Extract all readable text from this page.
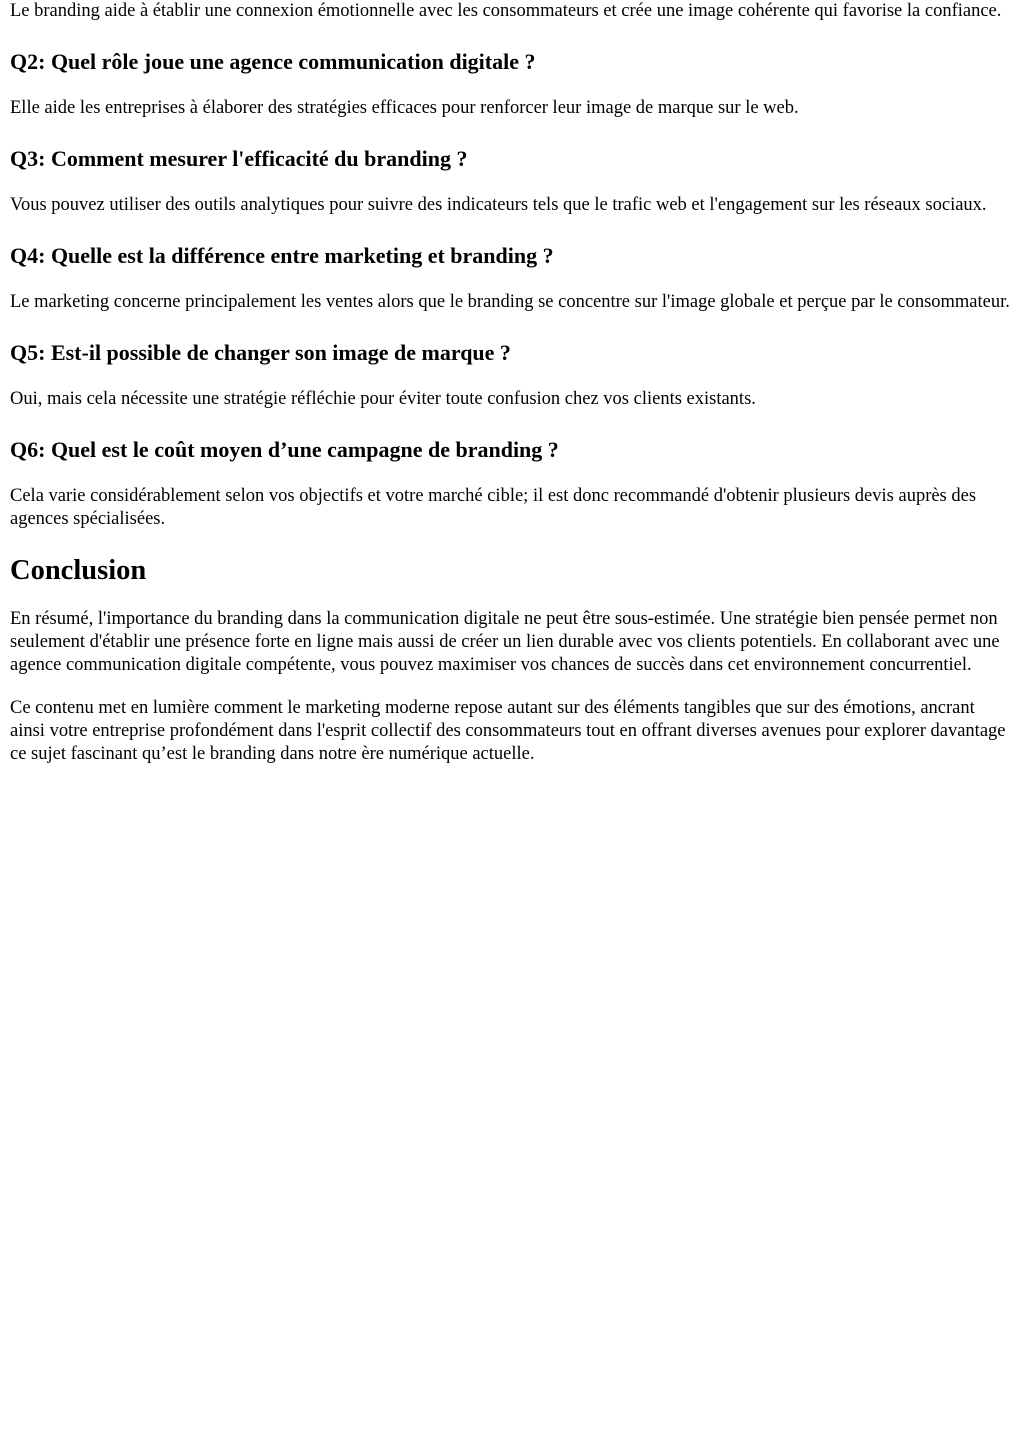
Le branding aide à établir une connexion émotionnelle avec les consommateurs et crée une image cohérente qui favorise la confiance.

Q2: Quel rôle joue une agence communication digitale ?

Elle aide les entreprises à élaborer des stratégies efficaces pour renforcer leur image de marque sur le web.

Q3: Comment mesurer l'efficacité du branding ?

Vous pouvez utiliser des outils analytiques pour suivre des indicateurs tels que le trafic web et l'engagement sur les réseaux sociaux.

Q4: Quelle est la différence entre marketing et branding ?

Le marketing concerne principalement les ventes alors que le branding se concentre sur l'image globale et perçue par le consommateur.

Q5: Est-il possible de changer son image de marque ?

Oui, mais cela nécessite une stratégie réfléchie pour éviter toute confusion chez vos clients existants.

Q6: Quel est le coût moyen d’une campagne de branding ?

Cela varie considérablement selon vos objectifs et votre marché cible; il est donc recommandé d'obtenir plusieurs devis auprès des agences spécialisées.

Conclusion

En résumé, l'importance du branding dans la communication digitale ne peut être sous-estimée. Une stratégie bien pensée permet non seulement d'établir une présence forte en ligne mais aussi de créer un lien durable avec vos clients potentiels. En collaborant avec une agence communication digitale compétente, vous pouvez maximiser vos chances de succès dans cet environnement concurrentiel.

Ce contenu met en lumière comment le marketing moderne repose autant sur des éléments tangibles que sur des émotions, ancrant ainsi votre entreprise profondément dans l'esprit collectif des consommateurs tout en offrant diverses avenues pour explorer davantage ce sujet fascinant qu’est le branding dans notre ère numérique actuelle.
